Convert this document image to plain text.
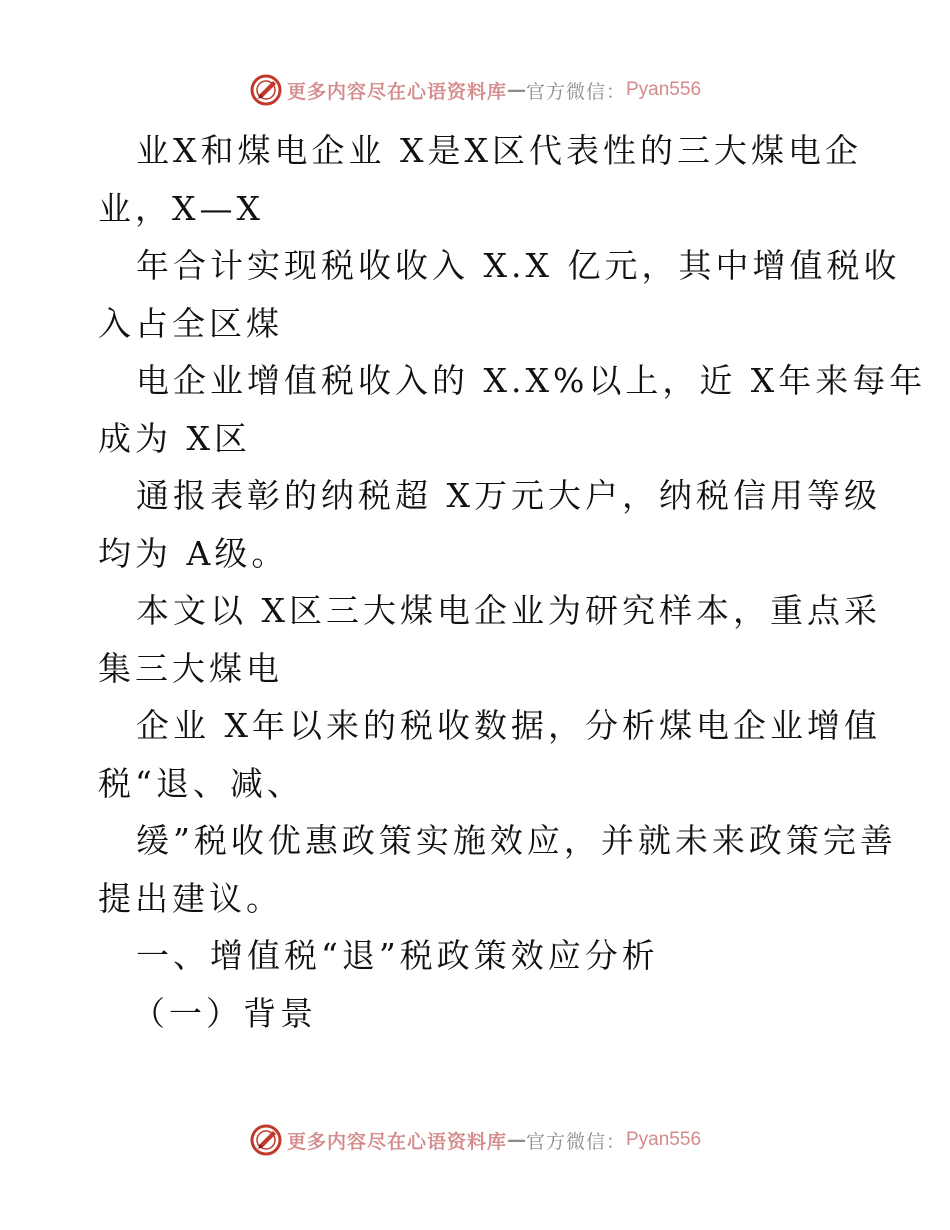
更多内容尽在心语资料库 — 官方微信： Pyan556
业X和煤电企业 X是X区代表性的三大煤电企
业，X—X
年合计实现税收收入 X.X 亿元，其中增值税收
入占全区煤
电企业增值税收入的 X.X%以上，近 X年来每年
成为 X区
通报表彰的纳税超 X万元大户，纳税信用等级
均为 A级。
本文以 X区三大煤电企业为研究样本，重点采
集三大煤电
企业 X年以来的税收数据，分析煤电企业增值
税“退、减、
缓”税收优惠政策实施效应，并就未来政策完善
提出建议。
一、增值税“退”税政策效应分析
（一）背景
更多内容尽在心语资料库 — 官方微信： Pyan556
